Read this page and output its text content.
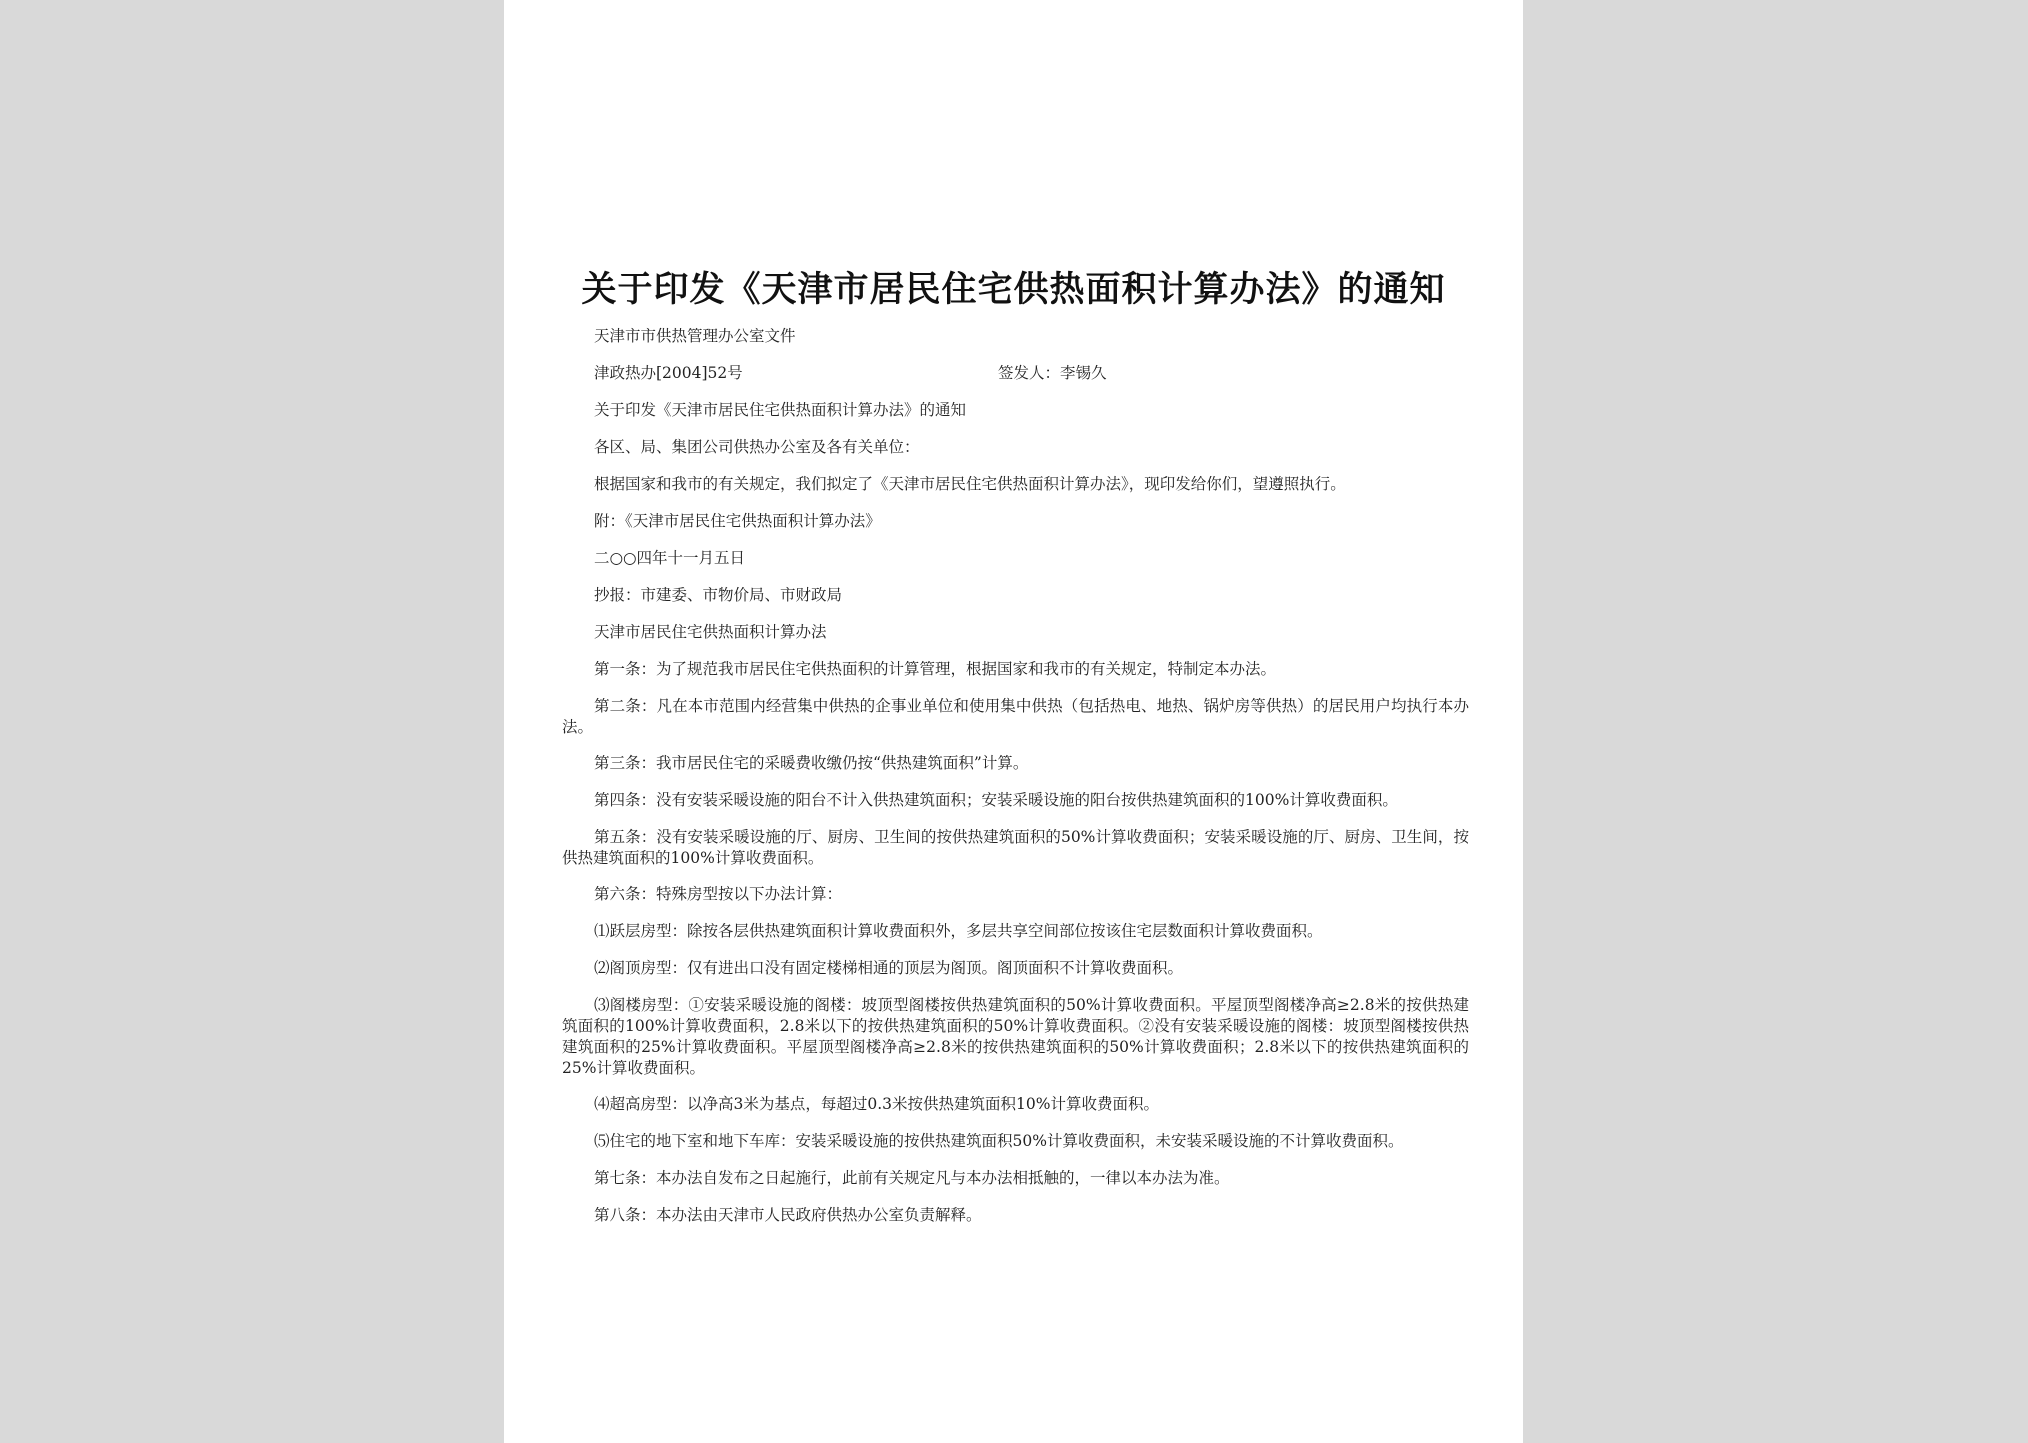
关于印发《天津市居民住宅供热面积计算办法》的通知
天津市市供热管理办公室文件
津政热办[2004]52号	签发人：李锡久
关于印发《天津市居民住宅供热面积计算办法》的通知
各区、局、集团公司供热办公室及各有关单位：
根据国家和我市的有关规定，我们拟定了《天津市居民住宅供热面积计算办法》，现印发给你们，望遵照执行。
附：《天津市居民住宅供热面积计算办法》
二○○四年十一月五日
抄报：市建委、市物价局、市财政局
天津市居民住宅供热面积计算办法
第一条：为了规范我市居民住宅供热面积的计算管理，根据国家和我市的有关规定，特制定本办法。
第二条：凡在本市范围内经营集中供热的企事业单位和使用集中供热（包括热电、地热、锅炉房等供热）的居民用户均执行本办法。
第三条：我市居民住宅的采暖费收缴仍按“供热建筑面积”计算。
第四条：没有安装采暖设施的阳台不计入供热建筑面积；安装采暖设施的阳台按供热建筑面积的100%计算收费面积。
第五条：没有安装采暖设施的厅、厨房、卫生间的按供热建筑面积的50%计算收费面积；安装采暖设施的厅、厨房、卫生间，按供热建筑面积的100%计算收费面积。
第六条：特殊房型按以下办法计算：
⑴跃层房型：除按各层供热建筑面积计算收费面积外，多层共享空间部位按该住宅层数面积计算收费面积。
⑵阁顶房型：仅有进出口没有固定楼梯相通的顶层为阁顶。阁顶面积不计算收费面积。
⑶阁楼房型：①安装采暖设施的阁楼：坡顶型阁楼按供热建筑面积的50%计算收费面积。平屋顶型阁楼净高≥2.8米的按供热建筑面积的100%计算收费面积，2.8米以下的按供热建筑面积的50%计算收费面积。②没有安装采暖设施的阁楼：坡顶型阁楼按供热建筑面积的25%计算收费面积。平屋顶型阁楼净高≥2.8米的按供热建筑面积的50%计算收费面积；2.8米以下的按供热建筑面积的25%计算收费面积。
⑷超高房型：以净高3米为基点，每超过0.3米按供热建筑面积10%计算收费面积。
⑸住宅的地下室和地下车库：安装采暖设施的按供热建筑面积50%计算收费面积，未安装采暖设施的不计算收费面积。
第七条：本办法自发布之日起施行，此前有关规定凡与本办法相抵触的，一律以本办法为准。
第八条：本办法由天津市人民政府供热办公室负责解释。
